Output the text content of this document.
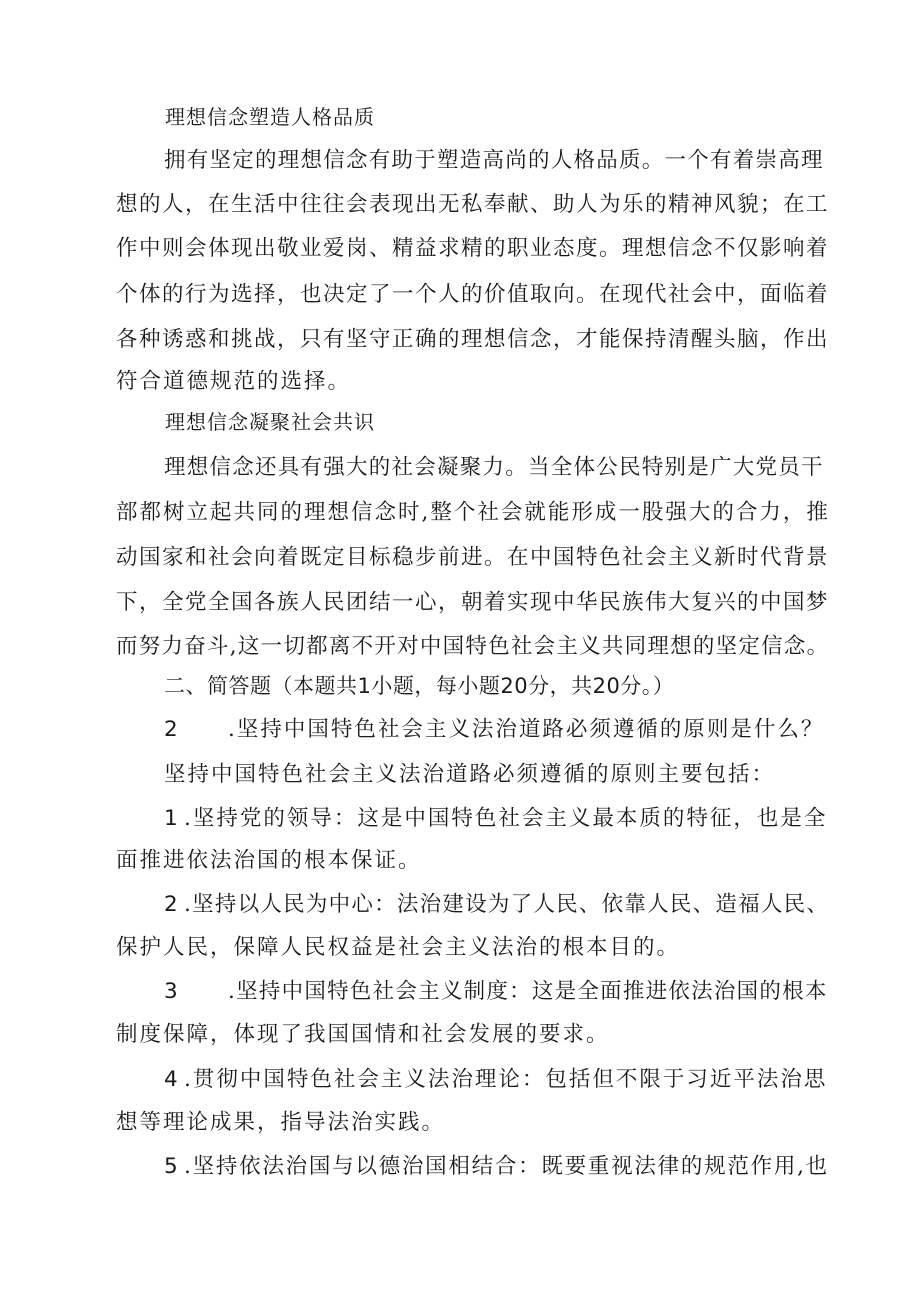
理想信念塑造人格品质
拥有坚定的理想信念有助于塑造高尚的人格品质。一个有着崇高理
想的人，在生活中往往会表现出无私奉献、助人为乐的精神风貌；在工
作中则会体现出敬业爱岗、精益求精的职业态度。理想信念不仅影响着
个体的行为选择，也决定了一个人的价值取向。在现代社会中，面临着
各种诱惑和挑战，只有坚守正确的理想信念，才能保持清醒头脑，作出
符合道德规范的选择。
理想信念凝聚社会共识
理想信念还具有强大的社会凝聚力。当全体公民特别是广大党员干
部都树立起共同的理想信念时,整个社会就能形成一股强大的合力，推
动国家和社会向着既定目标稳步前进。在中国特色社会主义新时代背景
下，全党全国各族人民团结一心，朝着实现中华民族伟大复兴的中国梦
而努力奋斗,这一切都离不开对中国特色社会主义共同理想的坚定信念。
二、简答题（本题共1小题，每小题20分，共20分。）
2 .坚持中国特色社会主义法治道路必须遵循的原则是什么？
坚持中国特色社会主义法治道路必须遵循的原则主要包括：
1 .坚持党的领导：这是中国特色社会主义最本质的特征，也是全
面推进依法治国的根本保证。
2 .坚持以人民为中心：法治建设为了人民、依靠人民、造福人民、
保护人民，保障人民权益是社会主义法治的根本目的。
3 .坚持中国特色社会主义制度：这是全面推进依法治国的根本
制度保障，体现了我国国情和社会发展的要求。
4 .贯彻中国特色社会主义法治理论：包括但不限于习近平法治思
想等理论成果，指导法治实践。
5 .坚持依法治国与以德治国相结合：既要重视法律的规范作用,也
